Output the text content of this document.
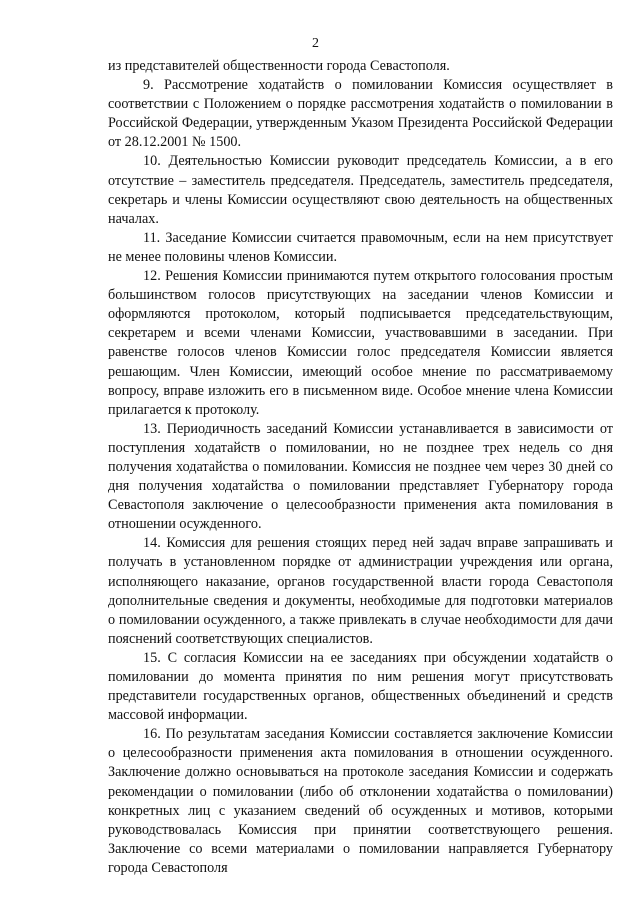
2

из представителей общественности города Севастополя.

9. Рассмотрение ходатайств о помиловании Комиссия осуществляет в соответствии с Положением о порядке рассмотрения ходатайств о помиловании в Российской Федерации, утвержденным Указом Президента Российской Федерации от 28.12.2001 № 1500.

10. Деятельностью Комиссии руководит председатель Комиссии, а в его отсутствие – заместитель председателя. Председатель, заместитель председателя, секретарь и члены Комиссии осуществляют свою деятельность на общественных началах.

11. Заседание Комиссии считается правомочным, если на нем присутствует не менее половины членов Комиссии.

12. Решения Комиссии принимаются путем открытого голосования простым большинством голосов присутствующих на заседании членов Комиссии и оформляются протоколом, который подписывается председательствующим, секретарем и всеми членами Комиссии, участвовавшими в заседании. При равенстве голосов членов Комиссии голос председателя Комиссии является решающим. Член Комиссии, имеющий особое мнение по рассматриваемому вопросу, вправе изложить его в письменном виде. Особое мнение члена Комиссии прилагается к протоколу.

13. Периодичность заседаний Комиссии устанавливается в зависимости от поступления ходатайств о помиловании, но не позднее трех недель со дня получения ходатайства о помиловании. Комиссия не позднее чем через 30 дней со дня получения ходатайства о помиловании представляет Губернатору города Севастополя заключение о целесообразности применения акта помилования в отношении осужденного.

14. Комиссия для решения стоящих перед ней задач вправе запрашивать и получать в установленном порядке от администрации учреждения или органа, исполняющего наказание, органов государственной власти города Севастополя дополнительные сведения и документы, необходимые для подготовки материалов о помиловании осужденного, а также привлекать в случае необходимости для дачи пояснений соответствующих специалистов.

15. С согласия Комиссии на ее заседаниях при обсуждении ходатайств о помиловании до момента принятия по ним решения могут присутствовать представители государственных органов, общественных объединений и средств массовой информации.

16. По результатам заседания Комиссии составляется заключение Комиссии о целесообразности применения акта помилования в отношении осужденного. Заключение должно основываться на протоколе заседания Комиссии и содержать рекомендации о помиловании (либо об отклонении ходатайства о помиловании) конкретных лиц с указанием сведений об осужденных и мотивов, которыми руководствовалась Комиссия при принятии соответствующего решения. Заключение со всеми материалами о помиловании направляется Губернатору города Севастополя
